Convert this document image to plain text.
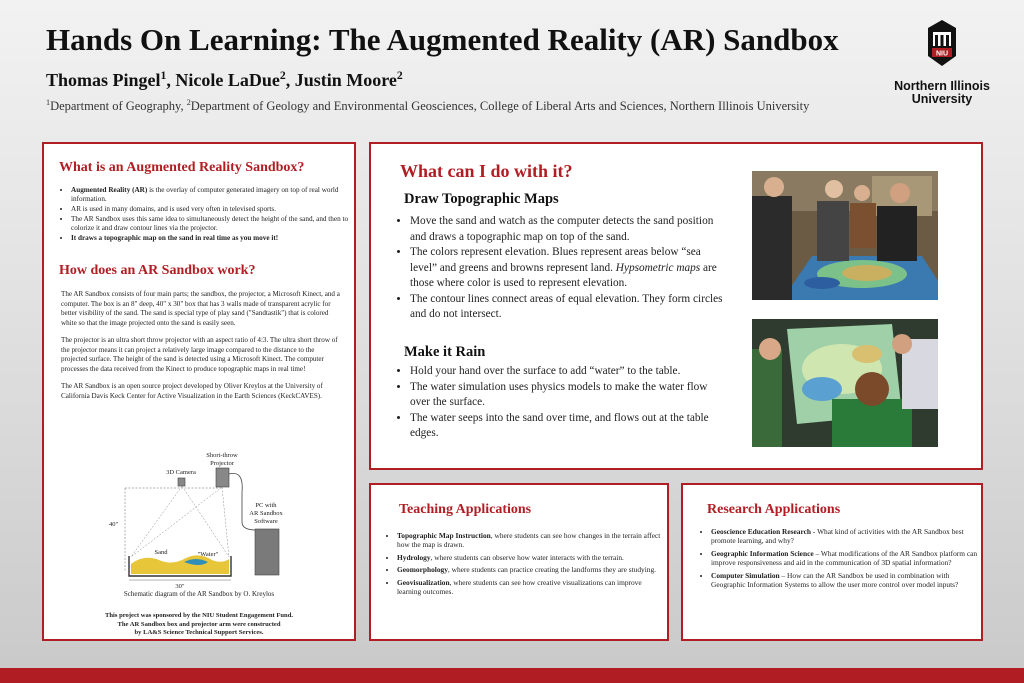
Hands On Learning: The Augmented Reality (AR) Sandbox
Thomas Pingel$^1$, Nicole LaDue$^2$, Justin Moore$^2$
$^1$Department of Geography, $^2$Department of Geology and Environmental Geosciences, College of Liberal Arts and Sciences, Northern Illinois University
NIU
Northern Illinois
University
What is an Augmented Reality Sandbox?
• Augmented Reality (AR) is the overlay of computer generated imagery on top of real world information.
• AR is used in many domains, and is used very often in televised sports.
• The AR Sandbox uses this same idea to simultaneously detect the height of the sand, and then to colorize it and draw contour lines via the projector.
• It draws a topographic map on the sand in real time as you move it!
How does an AR Sandbox work?

The AR Sandbox consists of four main parts; the sandbox, the projector, a Microsoft Kinect, and a computer. The box is an 8" deep, 40" x 30" box that has 3 walls made of transparent acrylic for better visibility of the sand. The sand is special type of play sand ("Sandtastik") that is colored white so that the image projected onto the sand is easily seen.

The projector is an ultra short throw projector with an aspect ratio of 4:3. The ultra short throw of the projector means it can project a relatively large image compared to the distance to the projected surface. The height of the sand is detected using a Microsoft Kinect. The computer processes the data received from the Kinect to produce topographic maps in real time!

The AR Sandbox is an open source project developed by Oliver Kreylos at the University of California Davis Keck Center for Active Visualization in the Earth Sciences (KeckCAVES).

Short-throw
Projector
3D Camera
PC with
AR Sandbox
Software
40"
Sand	"Water"
30"
Schematic diagram of the AR Sandbox by O. Kreylos
This project was sponsored by the NIU Student Engagement Fund.
The AR Sandbox box and projector arm were constructed
by LA&S Science Technical Support Services.
What can I do with it?
Draw Topographic Maps
• Move the sand and watch as the computer detects the sand position and draws a topographic map on top of the sand.
• The colors represent elevation. Blues represent areas below “sea level” and greens and browns represent land. Hypsometric maps are those where color is used to represent elevation.
• The contour lines connect areas of equal elevation. They form circles and do not intersect.
Make it Rain
• Hold your hand over the surface to add “water” to the table.
• The water simulation uses physics models to make the water flow over the surface.
• The water seeps into the sand over time, and flows out at the table edges.
Teaching Applications
• Topographic Map Instruction, where students can see how changes in the terrain affect how the map is drawn.
• Hydrology, where students can observe how water interacts with the terrain.
• Geomorphology, where students can practice creating the landforms they are studying.
• Geovisualization, where students can see how creative visualizations can improve learning outcomes.
Research Applications
• Geoscience Education Research - What kind of activities with the AR Sandbox best promote learning, and why?
• Geographic Information Science – What modifications of the AR Sandbox platform can improve responsiveness and aid in the communication of 3D spatial information?
• Computer Simulation – How can the AR Sandbox be used in combination with Geographic Information Systems to allow the user more control over model inputs?
